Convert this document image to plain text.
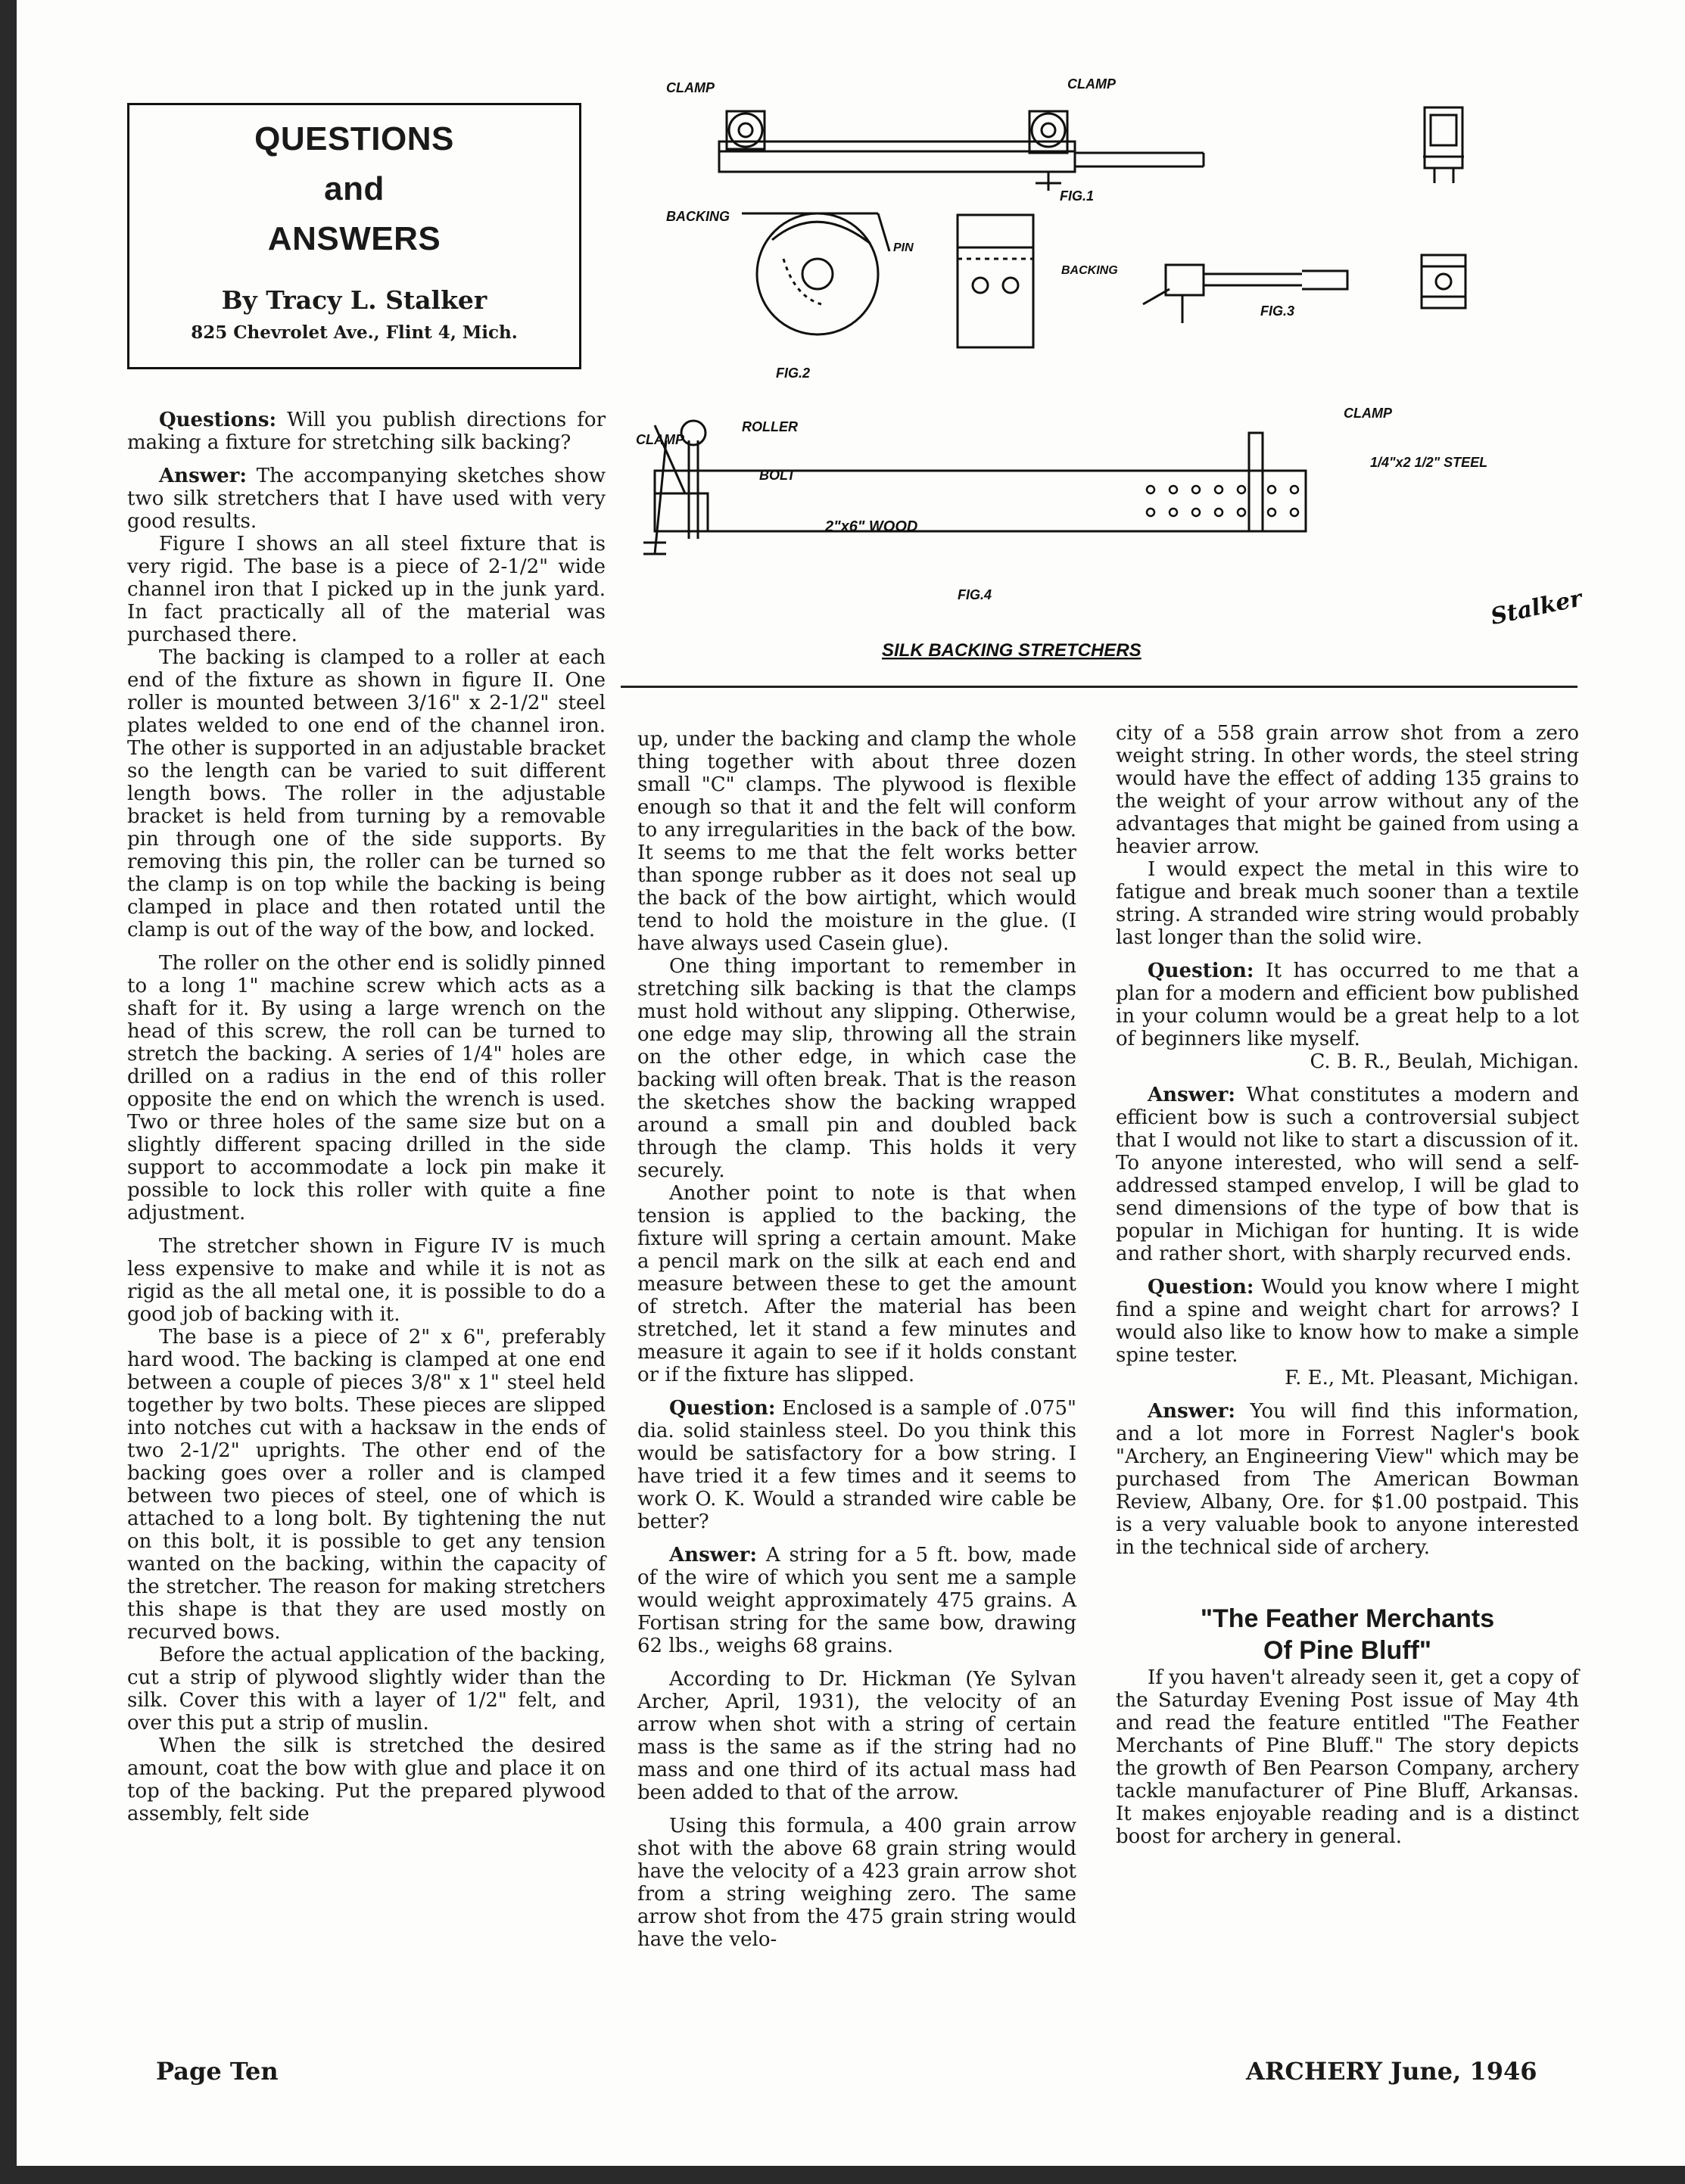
QUESTIONS
and
ANSWERS
By Tracy L. Stalker
825 Chevrolet Ave., Flint 4, Mich.
CLAMP	CLAMP
FIG.1
BACKING
PIN
FIG.2
BACKING
FIG.3
CLAMP
ROLLER
BOLT
2"x6" WOOD
CLAMP
1/4"x2 1/2" STEEL
FIG.4
SILK BACKING STRETCHERS
Stalker

Questions: Will you publish directions for making a fixture for stretching silk backing?

Answer: The accompanying sketches show two silk stretchers that I have used with very good results.

Figure I shows an all steel fixture that is very rigid. The base is a piece of 2-1/2" wide channel iron that I picked up in the junk yard. In fact practically all of the material was purchased there.

The backing is clamped to a roller at each end of the fixture as shown in figure II. One roller is mounted between 3/16" x 2-1/2" steel plates welded to one end of the channel iron. The other is supported in an adjustable bracket so the length can be varied to suit different length bows. The roller in the adjustable bracket is held from turning by a removable pin through one of the side supports. By removing this pin, the roller can be turned so the clamp is on top while the backing is being clamped in place and then rotated until the clamp is out of the way of the bow, and locked.

The roller on the other end is solidly pinned to a long 1" machine screw which acts as a shaft for it. By using a large wrench on the head of this screw, the roll can be turned to stretch the backing. A series of 1/4" holes are drilled on a radius in the end of this roller opposite the end on which the wrench is used. Two or three holes of the same size but on a slightly different spacing drilled in the side support to accommodate a lock pin make it possible to lock this roller with quite a fine adjustment.

The stretcher shown in Figure IV is much less expensive to make and while it is not as rigid as the all metal one, it is possible to do a good job of backing with it.

The base is a piece of 2" x 6", preferably hard wood. The backing is clamped at one end between a couple of pieces 3/8" x 1" steel held together by two bolts. These pieces are slipped into notches cut with a hacksaw in the ends of two 2-1/2" uprights. The other end of the backing goes over a roller and is clamped between two pieces of steel, one of which is attached to a long bolt. By tightening the nut on this bolt, it is possible to get any tension wanted on the backing, within the capacity of the stretcher. The reason for making stretchers this shape is that they are used mostly on recurved bows.

Before the actual application of the backing, cut a strip of plywood slightly wider than the silk. Cover this with a layer of 1/2" felt, and over this put a strip of muslin.

When the silk is stretched the desired amount, coat the bow with glue and place it on top of the backing. Put the prepared plywood assembly, felt side

up, under the backing and clamp the whole thing together with about three dozen small "C" clamps. The plywood is flexible enough so that it and the felt will conform to any irregularities in the back of the bow. It seems to me that the felt works better than sponge rubber as it does not seal up the back of the bow airtight, which would tend to hold the moisture in the glue. (I have always used Casein glue).

One thing important to remember in stretching silk backing is that the clamps must hold without any slipping. Otherwise, one edge may slip, throwing all the strain on the other edge, in which case the backing will often break. That is the reason the sketches show the backing wrapped around a small pin and doubled back through the clamp. This holds it very securely.

Another point to note is that when tension is applied to the backing, the fixture will spring a certain amount. Make a pencil mark on the silk at each end and measure between these to get the amount of stretch. After the material has been stretched, let it stand a few minutes and measure it again to see if it holds constant or if the fixture has slipped.

Question: Enclosed is a sample of .075" dia. solid stainless steel. Do you think this would be satisfactory for a bow string. I have tried it a few times and it seems to work O. K. Would a stranded wire cable be better?

Answer: A string for a 5 ft. bow, made of the wire of which you sent me a sample would weight approximately 475 grains. A Fortisan string for the same bow, drawing 62 lbs., weighs 68 grains.

According to Dr. Hickman (Ye Sylvan Archer, April, 1931), the velocity of an arrow when shot with a string of certain mass is the same as if the string had no mass and one third of its actual mass had been added to that of the arrow.

Using this formula, a 400 grain arrow shot with the above 68 grain string would have the velocity of a 423 grain arrow shot from a string weighing zero. The same arrow shot from the 475 grain string would have the velo-

city of a 558 grain arrow shot from a zero weight string. In other words, the steel string would have the effect of adding 135 grains to the weight of your arrow without any of the advantages that might be gained from using a heavier arrow.

I would expect the metal in this wire to fatigue and break much sooner than a textile string. A stranded wire string would probably last longer than the solid wire.

Question: It has occurred to me that a plan for a modern and efficient bow published in your column would be a great help to a lot of beginners like myself.

C. B. R., Beulah, Michigan.

Answer: What constitutes a modern and efficient bow is such a controversial subject that I would not like to start a discussion of it. To anyone interested, who will send a self-addressed stamped envelop, I will be glad to send dimensions of the type of bow that is popular in Michigan for hunting. It is wide and rather short, with sharply recurved ends.

Question: Would you know where I might find a spine and weight chart for arrows? I would also like to know how to make a simple spine tester.

F. E., Mt. Pleasant, Michigan.

Answer: You will find this information, and a lot more in Forrest Nagler's book "Archery, an Engineering View" which may be purchased from The American Bowman Review, Albany, Ore. for $1.00 postpaid. This is a very valuable book to anyone interested in the technical side of archery.

"The Feather Merchants
Of Pine Bluff"

If you haven't already seen it, get a copy of the Saturday Evening Post issue of May 4th and read the feature entitled "The Feather Merchants of Pine Bluff." The story depicts the growth of Ben Pearson Company, archery tackle manufacturer of Pine Bluff, Arkansas. It makes enjoyable reading and is a distinct boost for archery in general.

Page Ten	ARCHERY June, 1946
